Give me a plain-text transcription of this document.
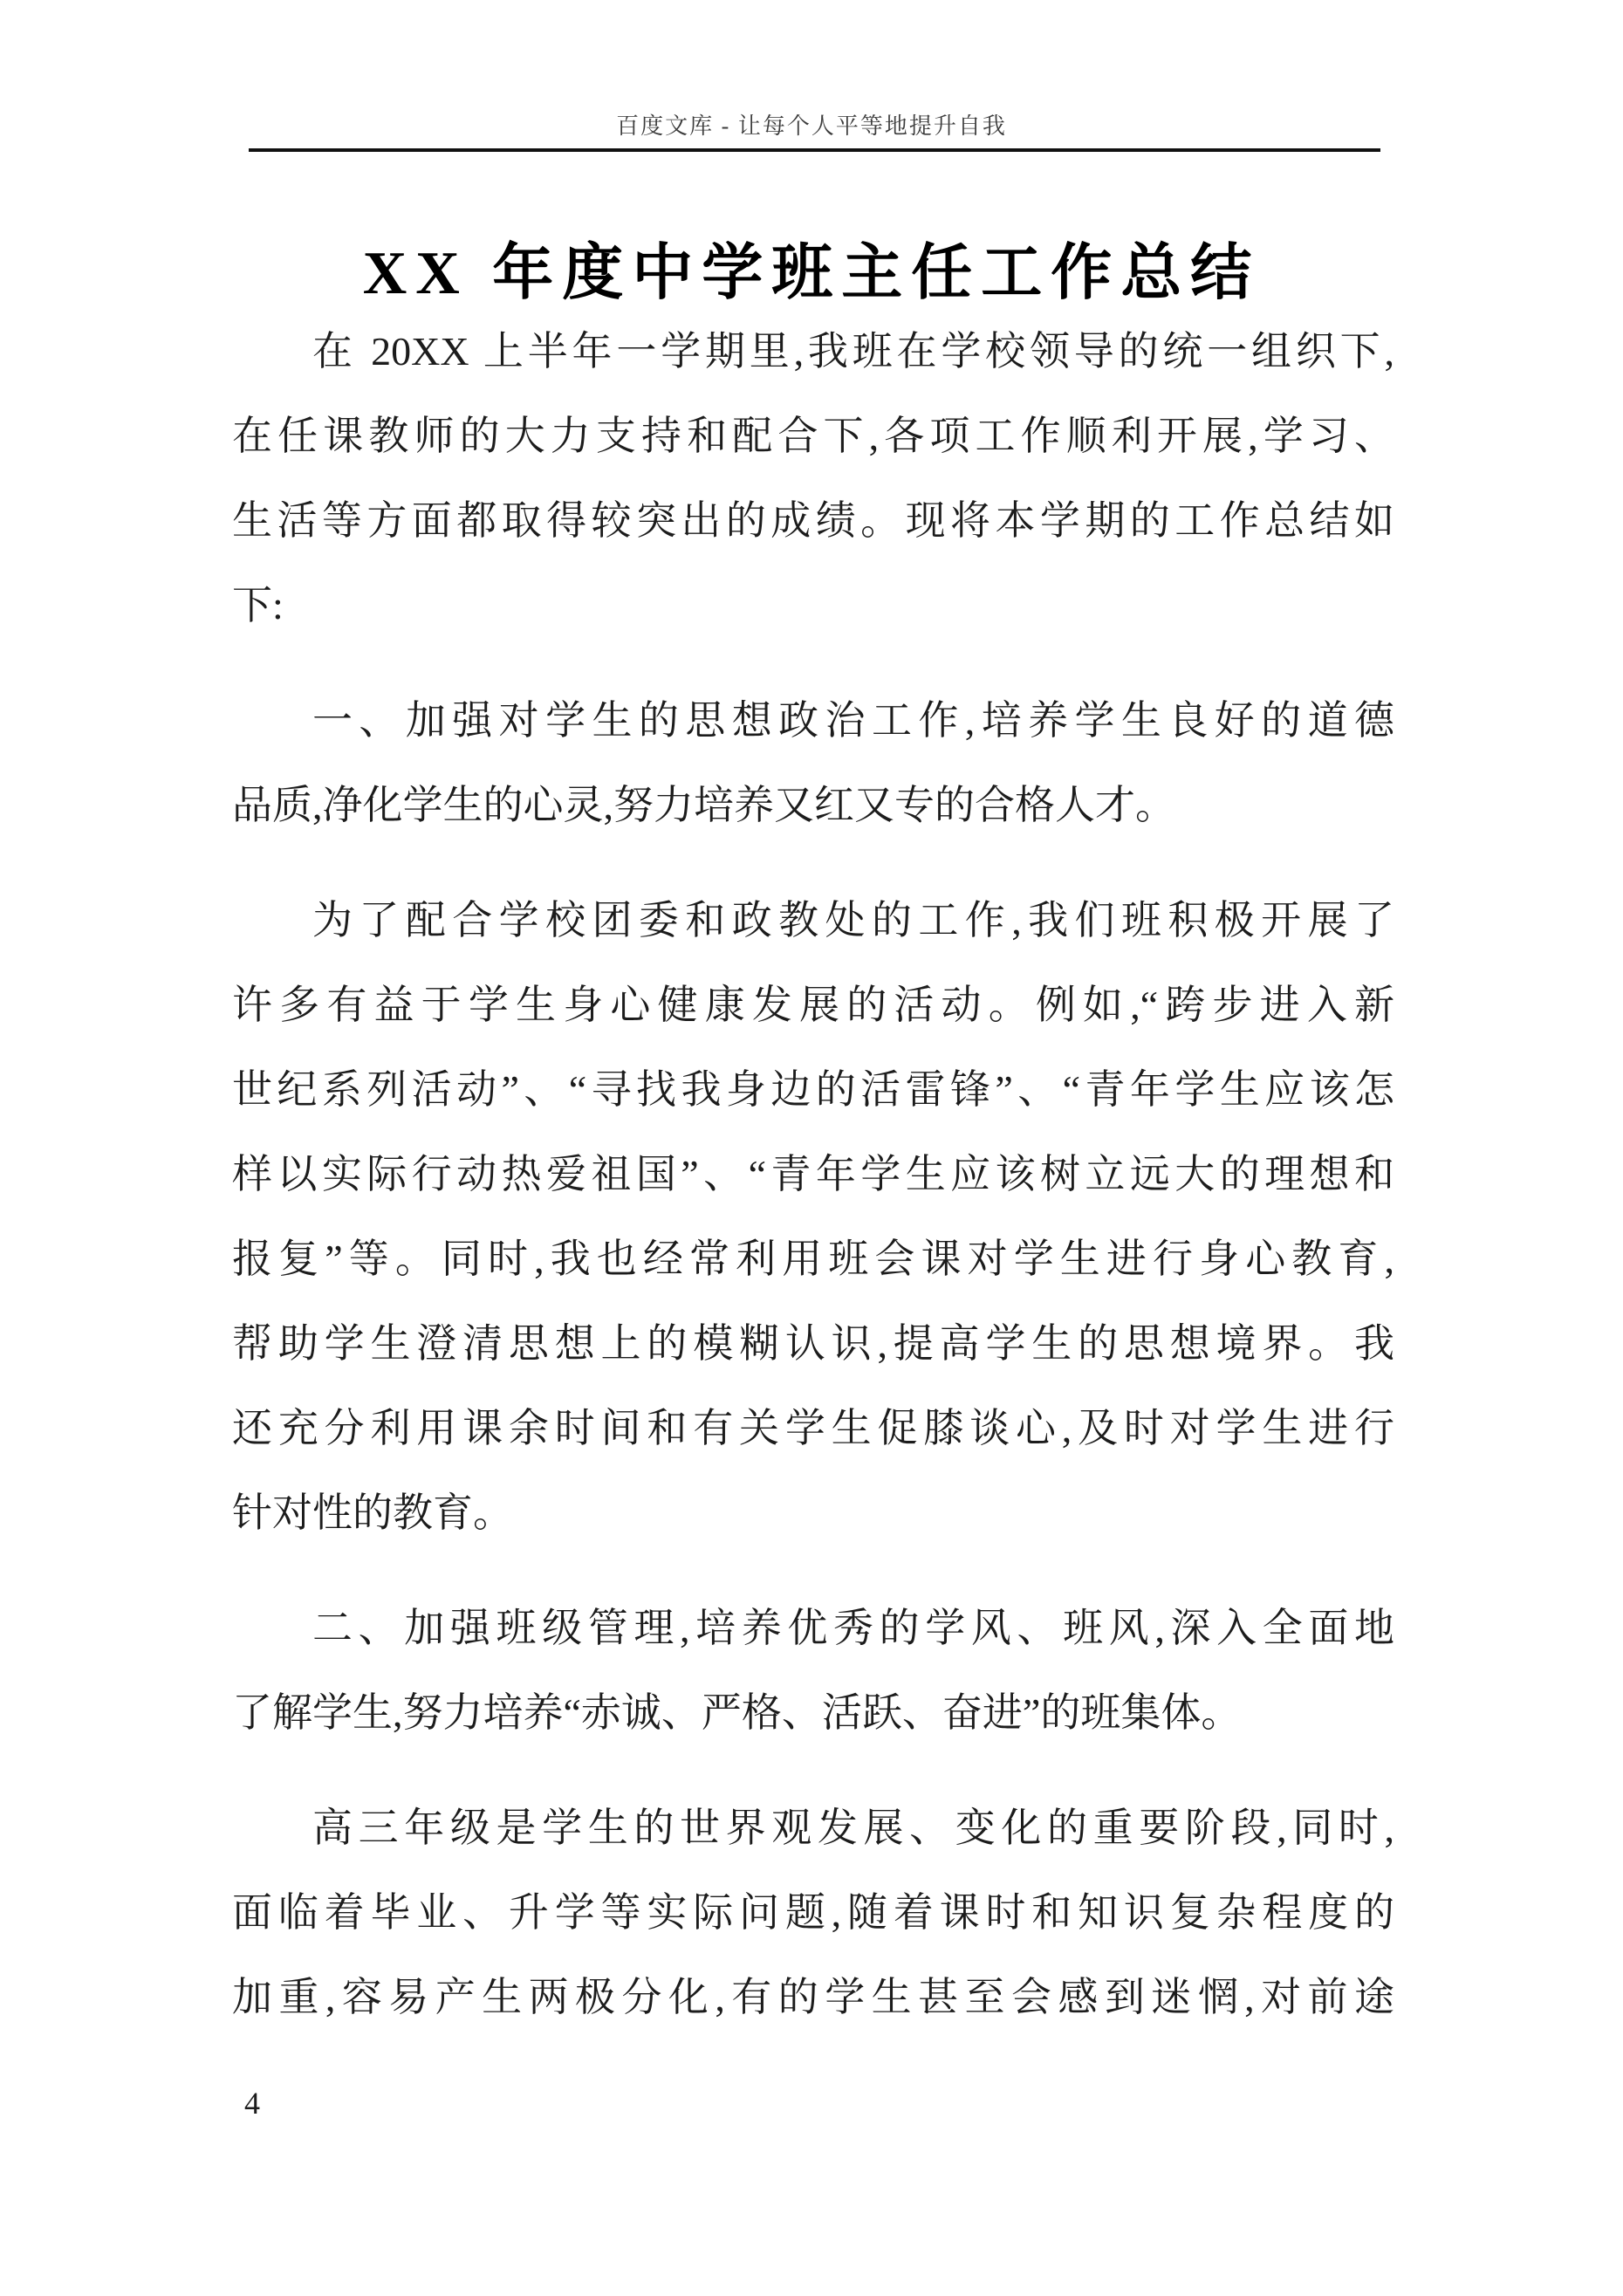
百度文库 - 让每个人平等地提升自我
XX 年度中学班主任工作总结
在 20XX 上半年一学期里,我班在学校领导的统一组织下,
在任课教师的大力支持和配合下,各项工作顺利开展,学习、
生活等方面都取得较突出的成绩。现将本学期的工作总结如
下:
一、加强对学生的思想政治工作,培养学生良好的道德
品质,净化学生的心灵,努力培养又红又专的合格人才。
为了配合学校团委和政教处的工作,我们班积极开展了
许多有益于学生身心健康发展的活动。例如,“跨步进入新
世纪系列活动”、“寻找我身边的活雷锋”、“青年学生应该怎
样以实际行动热爱祖国”、“青年学生应该树立远大的理想和
报复”等。同时,我也经常利用班会课对学生进行身心教育,
帮助学生澄清思想上的模糊认识,提高学生的思想境界。我
还充分利用课余时间和有关学生促膝谈心,及时对学生进行
针对性的教育。
二、加强班级管理,培养优秀的学风、班风,深入全面地
了解学生,努力培养“赤诚、严格、活跃、奋进”的班集体。
高三年级是学生的世界观发展、变化的重要阶段,同时,
面临着毕业、升学等实际问题,随着课时和知识复杂程度的
加重,容易产生两极分化,有的学生甚至会感到迷惘,对前途
4
